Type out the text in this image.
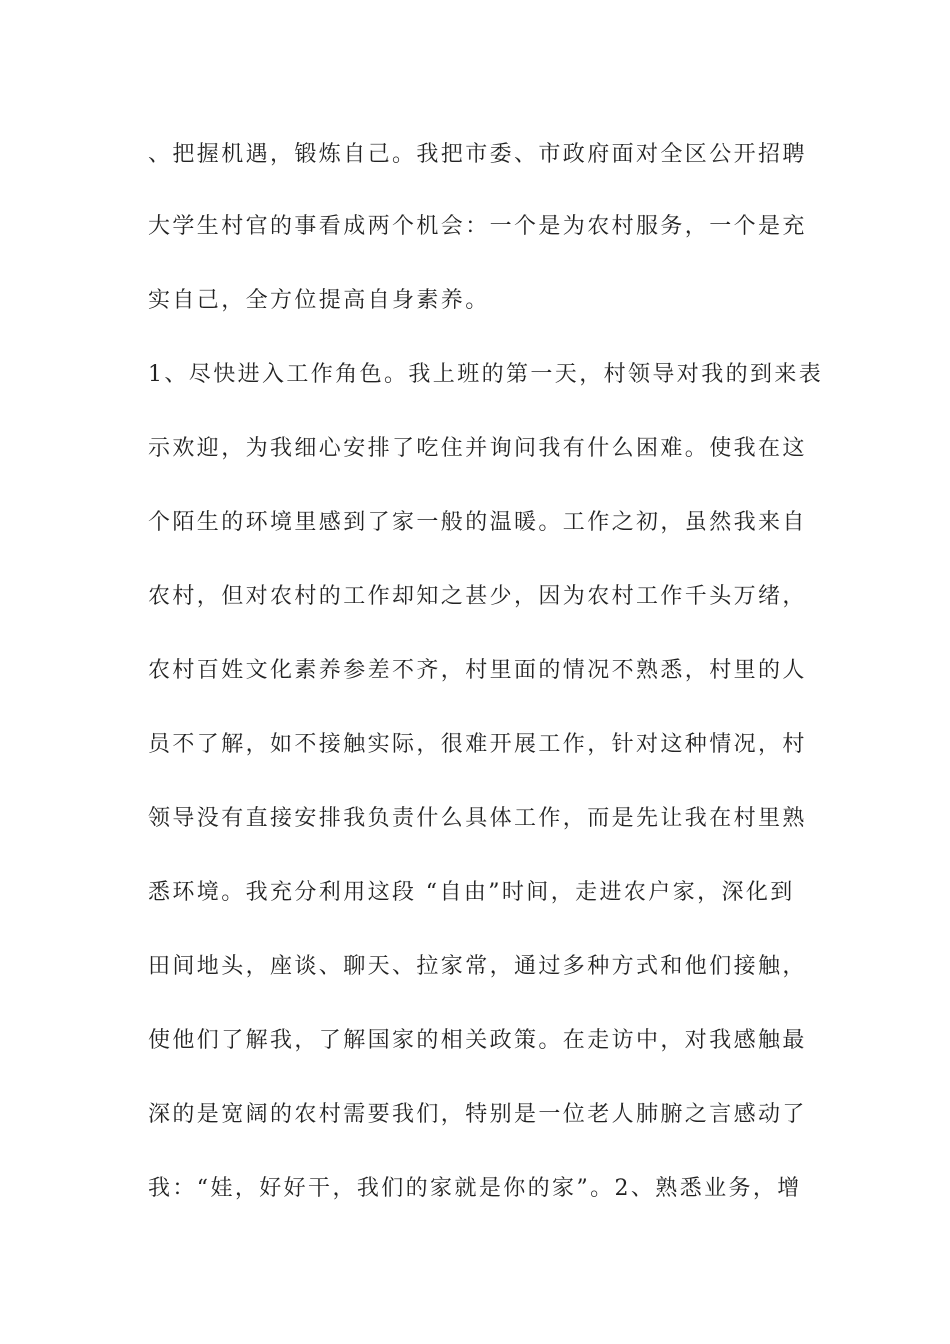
、把握机遇，锻炼自己。我把市委、市政府面对全区公开招聘
大学生村官的事看成两个机会：一个是为农村服务，一个是充
实自己，全方位提高自身素养。
1、尽快进入工作角色。我上班的第一天，村领导对我的到来表
示欢迎，为我细心安排了吃住并询问我有什么困难。使我在这
个陌生的环境里感到了家一般的温暖。工作之初，虽然我来自
农村，但对农村的工作却知之甚少，因为农村工作千头万绪，
农村百姓文化素养参差不齐，村里面的情况不熟悉，村里的人
员不了解，如不接触实际，很难开展工作，针对这种情况，村
领导没有直接安排我负责什么具体工作，而是先让我在村里熟
悉环境。我充分利用这段 “自由”时间，走进农户家，深化到
田间地头，座谈、聊天、拉家常，通过多种方式和他们接触，
使他们了解我，了解国家的相关政策。在走访中，对我感触最
深的是宽阔的农村需要我们，特别是一位老人肺腑之言感动了
我：“娃，好好干，我们的家就是你的家”。2、熟悉业务，增
